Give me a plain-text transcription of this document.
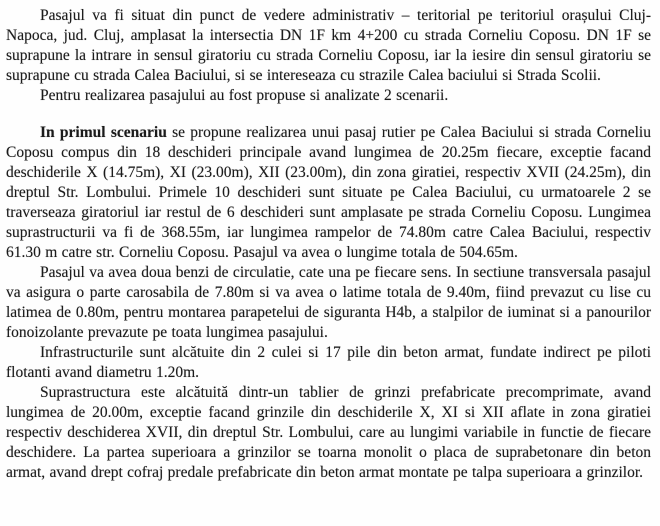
Pasajul va fi situat din punct de vedere administrativ – teritorial pe teritoriul orașului Cluj-Napoca, jud. Cluj, amplasat la intersectia DN 1F km 4+200 cu strada Corneliu Coposu. DN 1F se suprapune la intrare in sensul giratoriu cu strada Corneliu Coposu, iar la iesire din sensul giratoriu se suprapune cu strada Calea Baciului, si se intereseaza cu strazile Calea baciului si Strada Scolii.

Pentru realizarea pasajului au fost propuse si analizate 2 scenarii.

In primul scenariu se propune realizarea unui pasaj rutier pe Calea Baciului si strada Corneliu Coposu compus din 18 deschideri principale avand lungimea de 20.25m fiecare, exceptie facand deschiderile X (14.75m), XI (23.00m), XII (23.00m), din zona giratiei, respectiv XVII (24.25m), din dreptul Str. Lombului. Primele 10 deschideri sunt situate pe Calea Baciului, cu urmatoarele 2 se traverseaza giratoriul iar restul de 6 deschideri sunt amplasate pe strada Corneliu Coposu. Lungimea suprastructurii va fi de 368.55m, iar lungimea rampelor de 74.80m catre Calea Baciului, respectiv 61.30 m catre str. Corneliu Coposu. Pasajul va avea o lungime totala de 504.65m.

Pasajul va avea doua benzi de circulatie, cate una pe fiecare sens. In sectiune transversala pasajul va asigura o parte carosabila de 7.80m si va avea o latime totala de 9.40m, fiind prevazut cu lise cu latimea de 0.80m, pentru montarea parapetelui de siguranta H4b, a stalpilor de iuminat si a panourilor fonoizolante prevazute pe toata lungimea pasajului.

Infrastructurile sunt alcătuite din 2 culei si 17 pile din beton armat, fundate indirect pe piloti flotanti avand diametru 1.20m.

Suprastructura este alcătuită dintr-un tablier de grinzi prefabricate precomprimate, avand lungimea de 20.00m, exceptie facand grinzile din deschiderile X, XI si XII aflate in zona giratiei respectiv deschiderea XVII, din dreptul Str. Lombului, care au lungimi variabile in functie de fiecare deschidere. La partea superioara a grinzilor se toarna monolit o placa de suprabetonare din beton armat, avand drept cofraj predale prefabricate din beton armat montate pe talpa superioara a grinzilor.
